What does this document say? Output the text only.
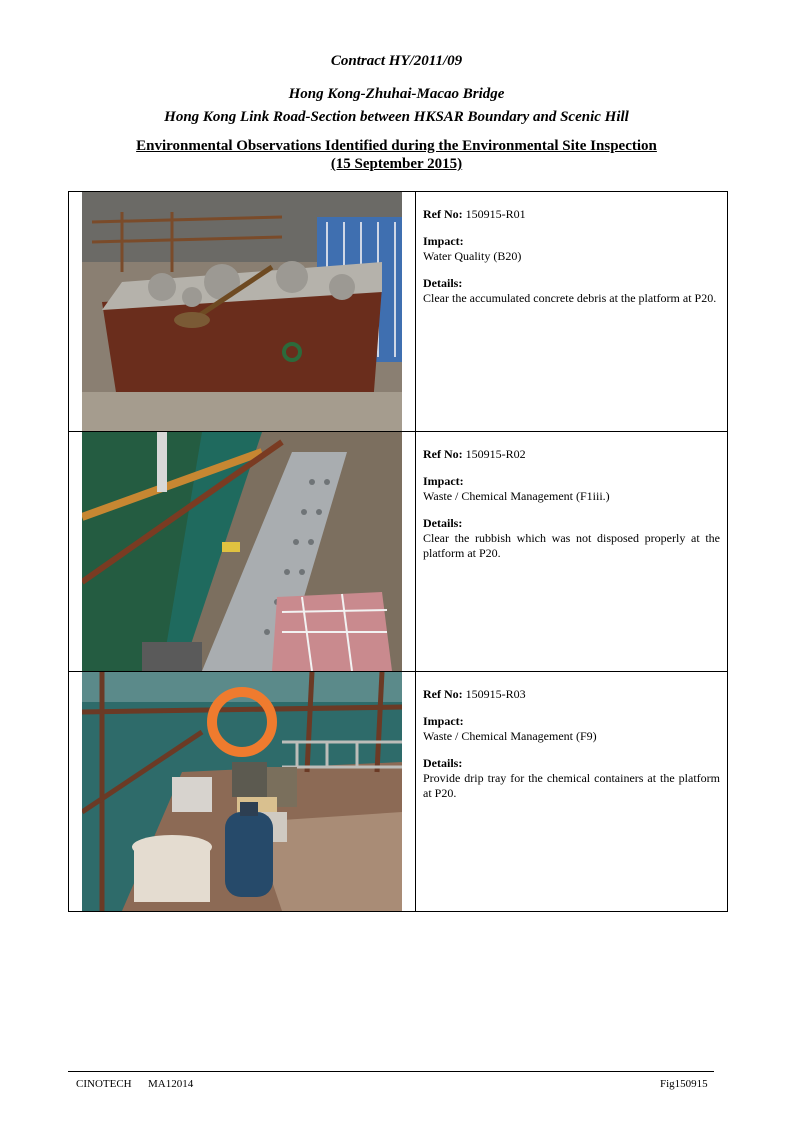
Contract HY/2011/09
Hong Kong-Zhuhai-Macao Bridge
Hong Kong Link Road-Section between HKSAR Boundary and Scenic Hill
Environmental Observations Identified during the Environmental Site Inspection
(15 September 2015)

Ref No: 150915-R01
Impact:
Water Quality (B20)
Details:
Clear the accumulated concrete debris at the platform at P20.

Ref No: 150915-R02
Impact:
Waste / Chemical Management (F1iii.)
Details:
Clear the rubbish which was not disposed properly at the platform at P20.

Ref No: 150915-R03
Impact:
Waste / Chemical Management (F9)
Details:
Provide drip tray for the chemical containers at the platform at P20.
CINOTECH MA12014	Fig150915
